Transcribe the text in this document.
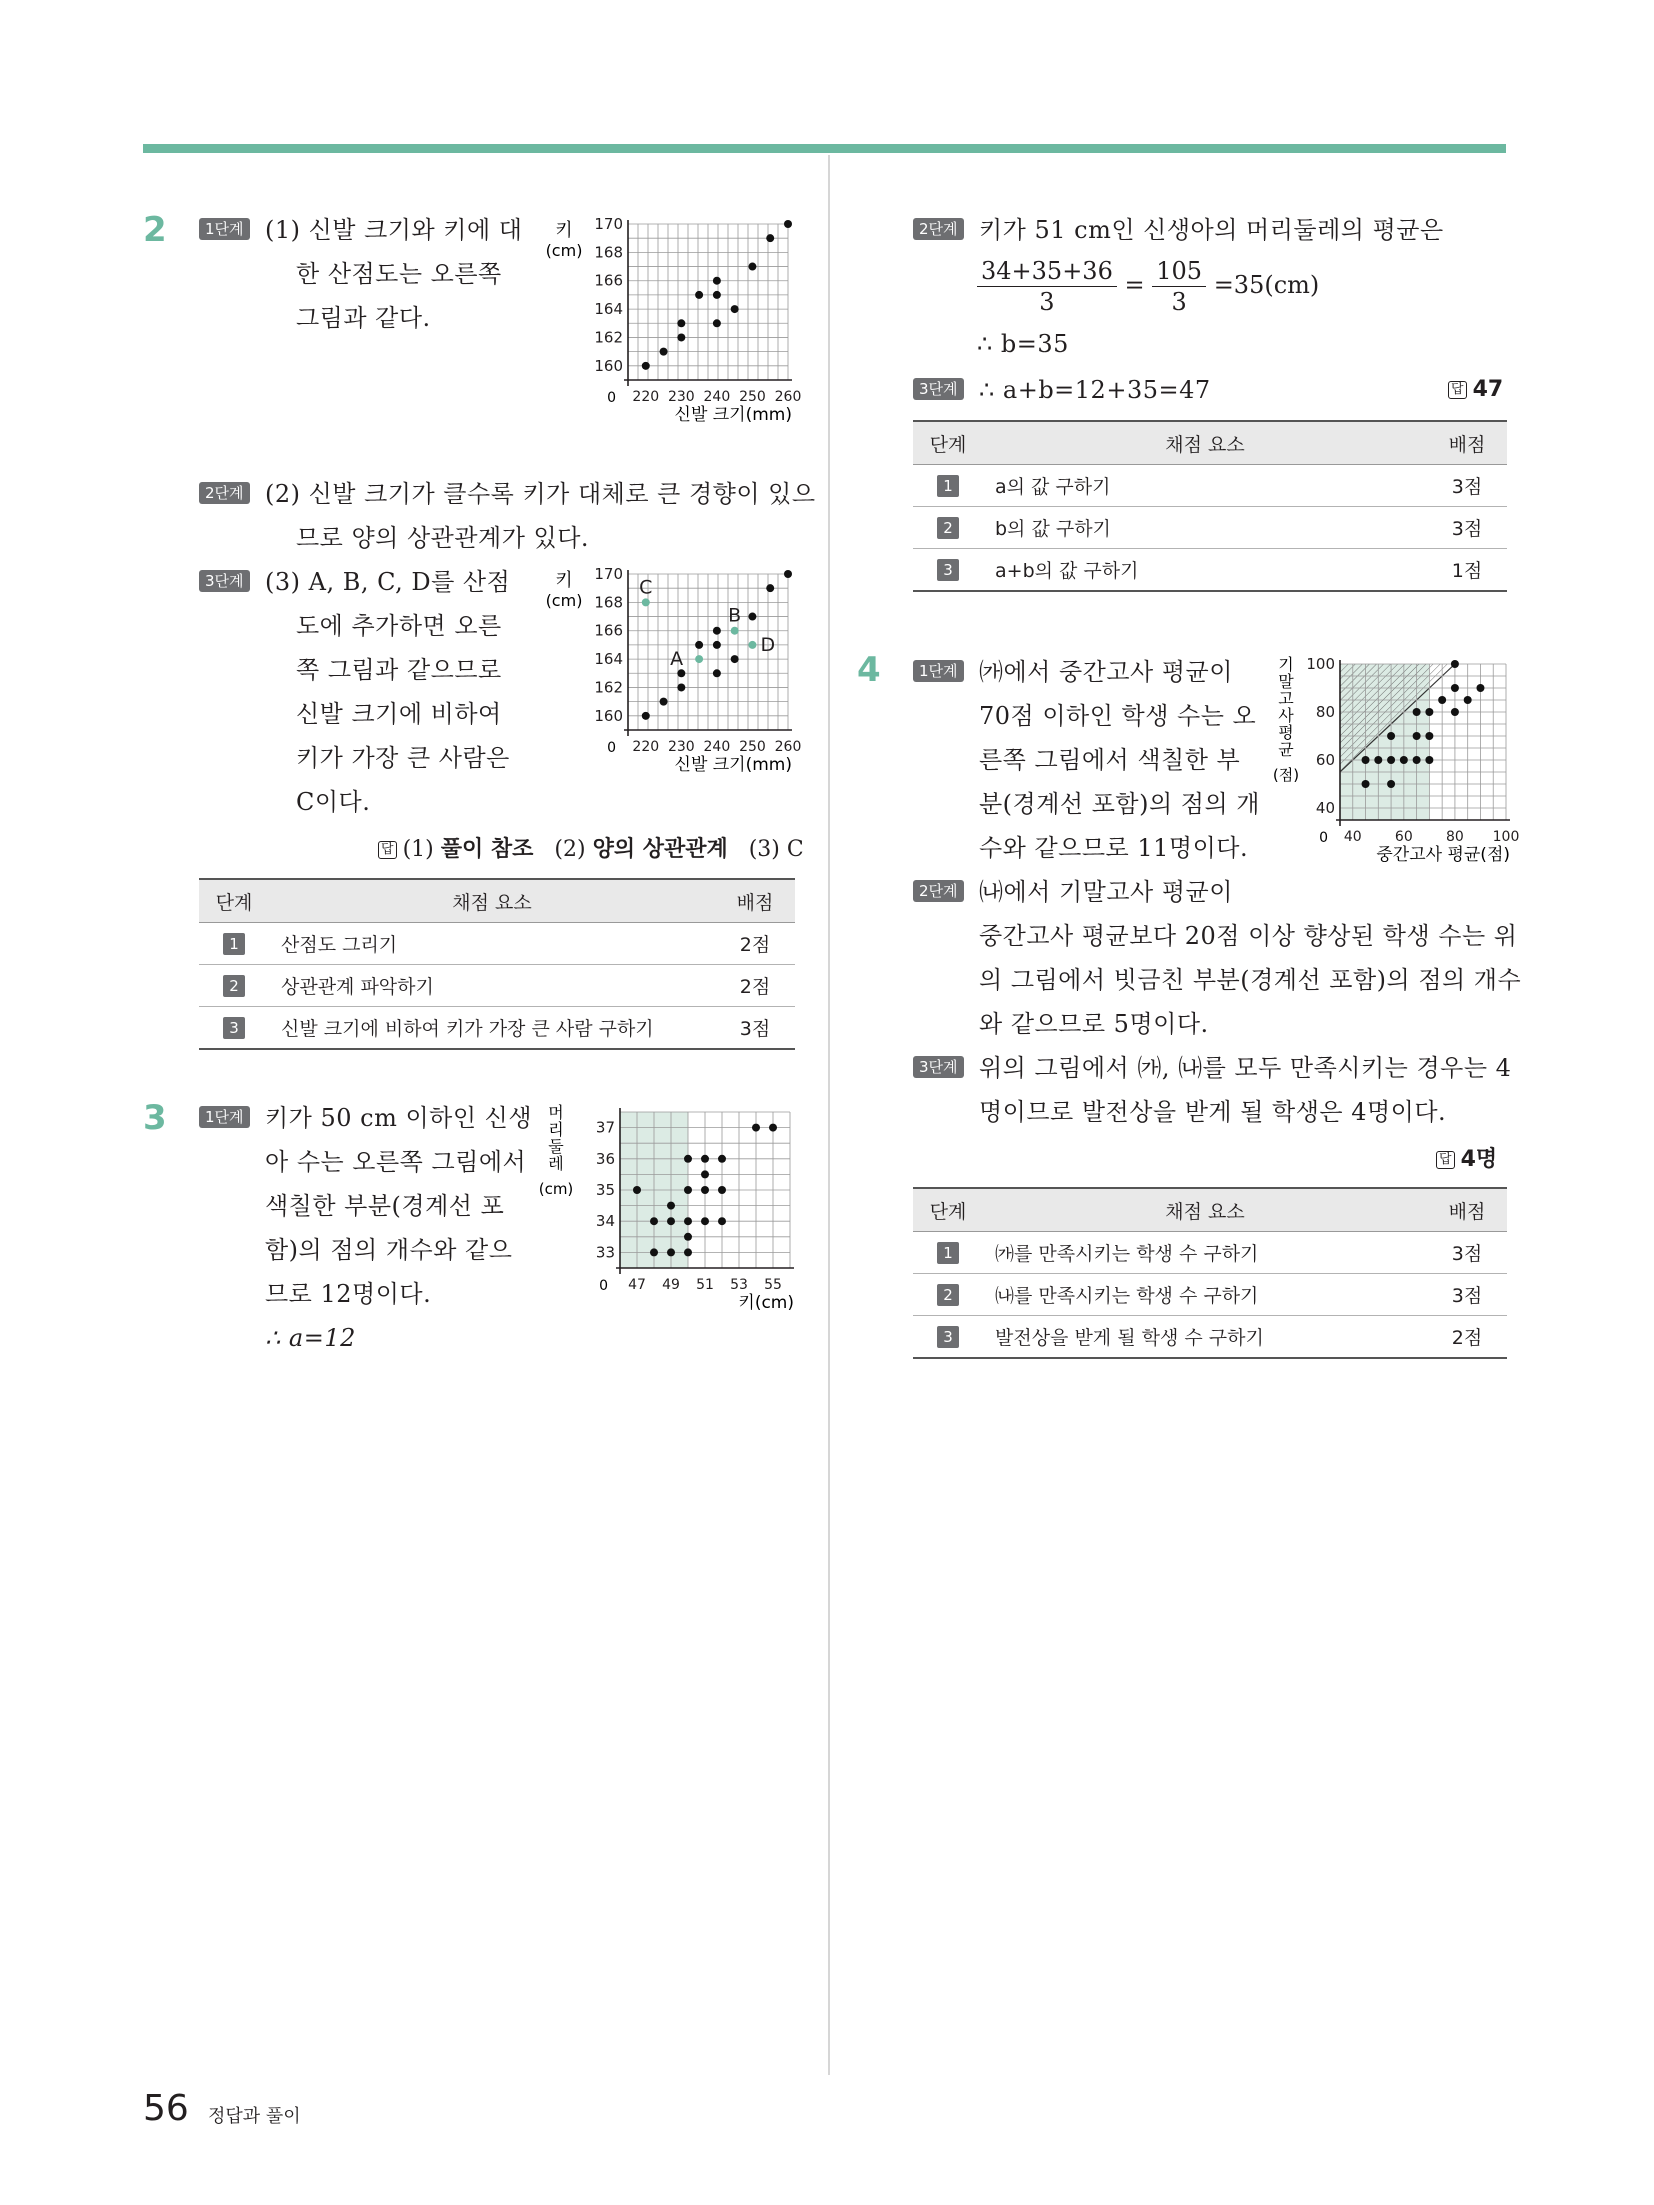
2	1단계 (1) 신발 크기와 키에 대
한 산점도는 오른쪽
그림과 같다.
0 220 230 240 250 260
160
162
164
166
168
170
신발 크기(mm)
키
(cm)
2단계 (2) 신발 크기가 클수록 키가 대체로 큰 경향이 있으
므로 양의 상관관계가 있다.
3단계 (3) A, B, C, D를 산점
도에 추가하면 오른
쪽 그림과 같으므로
신발 크기에 비하여
키가 가장 큰 사람은
C이다.
0 220 230 240 250 260
160
162
164
166
168
170
신발 크기(mm)
키
(cm)
A
B
C
D
답 (1) 풀이 참조 (2) 양의 상관관계 (3) C
단계	채점 요소	배점
1	산점도 그리기	2점
2	상관관계 파악하기	2점
3	신발 크기에 비하여 키가 가장 큰 사람 구하기	3점
3	1단계 키가 50 cm 이하인 신생
아 수는 오른쪽 그림에서
색칠한 부분(경계선 포
함)의 점의 개수와 같으
므로 12명이다.
∴ a=12
0 47 49 51 53 55
33
34
35
36
37
키(cm)
머
리
둘
레
(cm)
2단계 키가 51 cm인 신생아의 머리둘레의 평균은
$\frac{34+35+36}{3} = \frac{105}{3} =35(cm)$
∴ b=35
3단계 ∴ a+b=12+35=47	답 47
단계	채점 요소	배점
1	a의 값 구하기	3점
2	b의 값 구하기	3점
3	a+b의 값 구하기	1점
4	1단계 ㈎에서 중간고사 평균이
70점 이하인 학생 수는 오
른쪽 그림에서 색칠한 부
분(경계선 포함)의 점의 개
수와 같으므로 11명이다.	0 40 60 80 100
40
60
80
100
중간고사 평균(점)
기
말
고
사
평
균
(점)
2단계 ㈏에서 기말고사 평균이
중간고사 평균보다 20점 이상 향상된 학생 수는 위
의 그림에서 빗금친 부분(경계선 포함)의 점의 개수
와 같으므로 5명이다.
3단계 위의 그림에서 ㈎, ㈏를 모두 만족시키는 경우는 4
명이므로 발전상을 받게 될 학생은 4명이다.
답 4명
단계	채점 요소	배점
1	㈎를 만족시키는 학생 수 구하기	3점
2	㈏를 만족시키는 학생 수 구하기	3점
3	발전상을 받게 될 학생 수 구하기	2점
56 정답과 풀이
